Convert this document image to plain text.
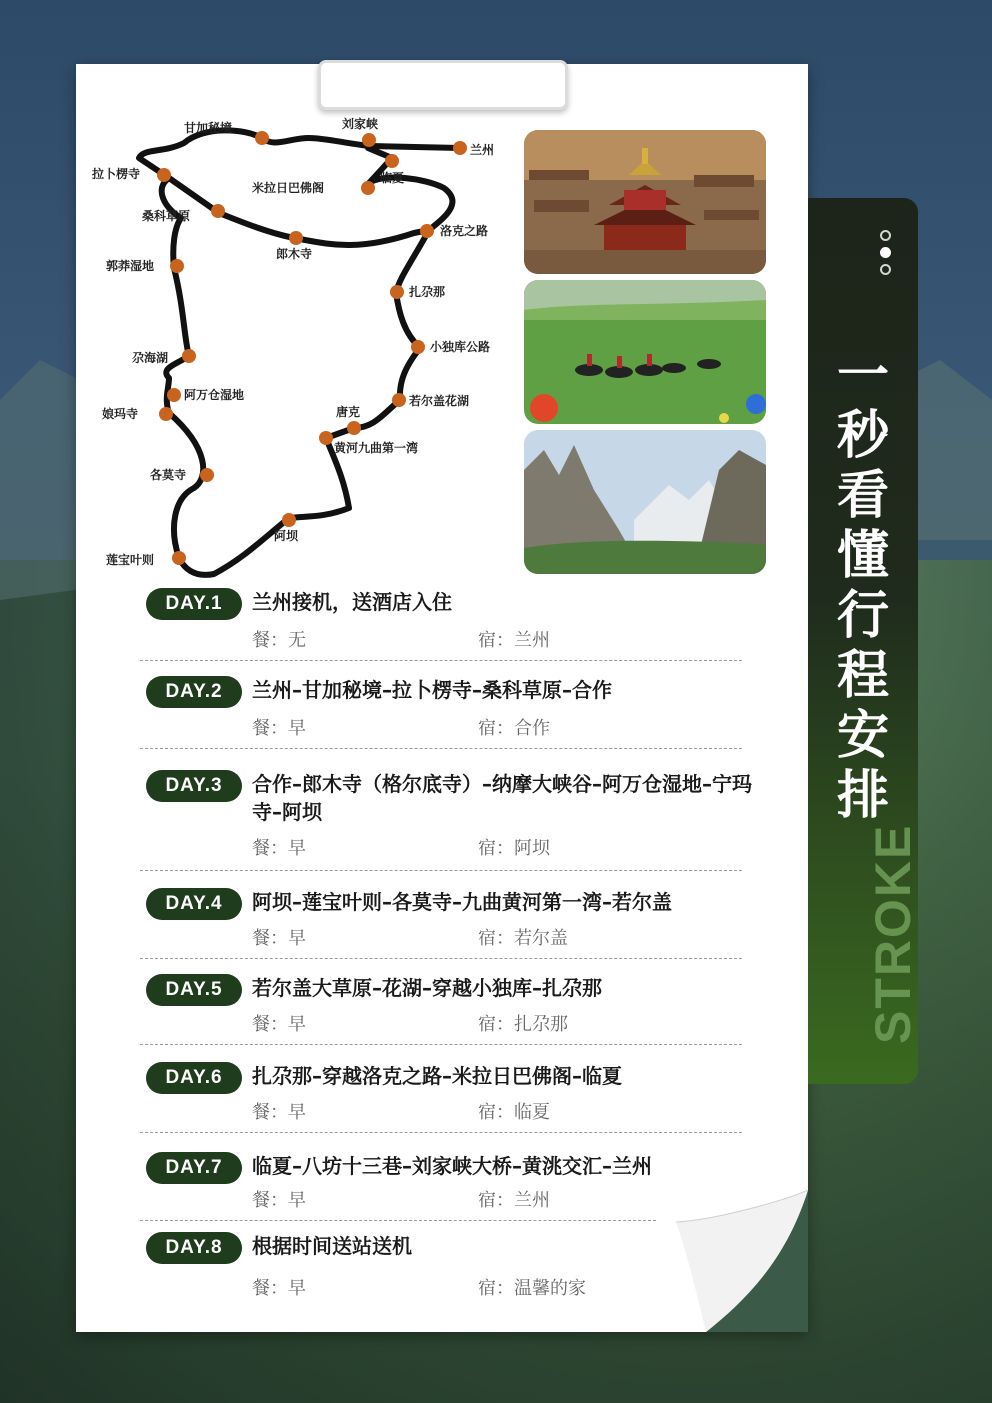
一
秒
看
懂
行
程
安
排
STROKE
兰州
刘家峡
甘加秘境
临夏
米拉日巴佛阁
拉卜楞寺
桑科草原
郎木寺
洛克之路
郭莽湿地
扎尕那
小独库公路
尕海湖
阿万仓湿地	若尔盖花湖
唐克
娘玛寺
黄河九曲第一湾
各莫寺
阿坝
莲宝叶则
DAY.1	兰州接机，送酒店入住
餐：无	宿：兰州
DAY.2	兰州–甘加秘境–拉卜楞寺–桑科草原–合作
餐：早	宿：合作
DAY.3	合作–郎木寺（格尔底寺）–纳摩大峡谷–阿万仓湿地–宁玛寺–阿坝
餐：早	宿：阿坝
DAY.4	阿坝–莲宝叶则–各莫寺–九曲黄河第一湾–若尔盖
餐：早	宿：若尔盖
DAY.5	若尔盖大草原–花湖–穿越小独库–扎尕那
餐：早	宿：扎尕那
DAY.6	扎尕那–穿越洛克之路–米拉日巴佛阁–临夏
餐：早	宿：临夏
DAY.7	临夏–八坊十三巷–刘家峡大桥–黄洮交汇–兰州
餐：早	宿：兰州
DAY.8	根据时间送站送机
餐：早	宿：温馨的家
